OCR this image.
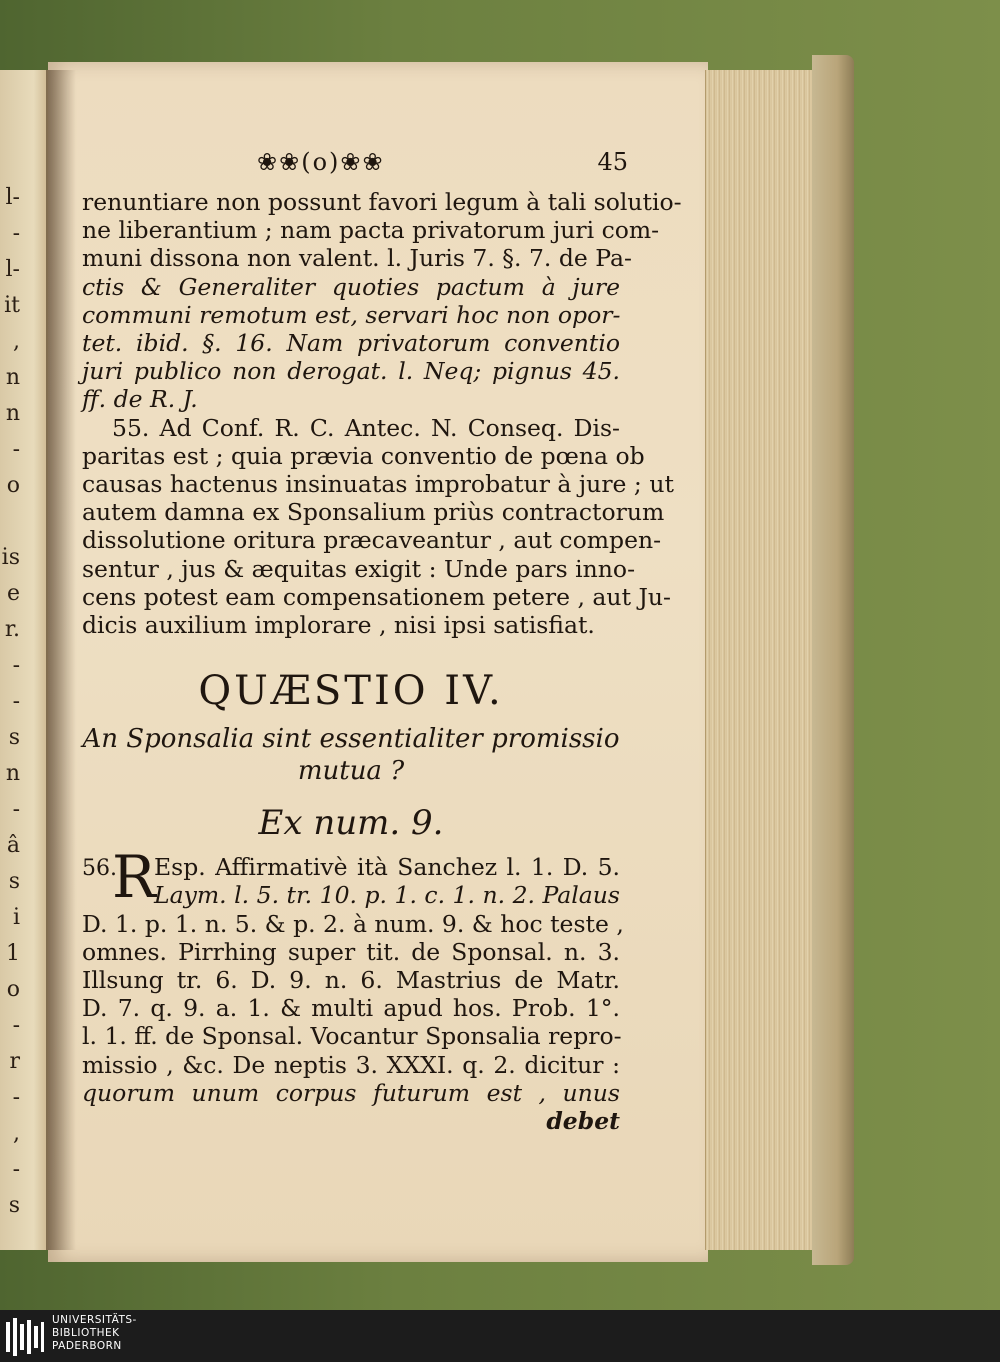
l-
-
l-
it
,
n
n
-
o
is
e
r.
-
-
s
n
-
â
s
i
1
o
-
r
-
,
-
s
❀❀(o)❀❀	45
renuntiare non possunt favori legum à tali solutio-
ne liberantium ; nam pacta privatorum juri com-
muni dissona non valent. l. Juris 7. §. 7. de Pa-
ctis & Generaliter quoties pactum à jure
communi remotum est, servari hoc non opor-
tet. ibid. §. 16. Nam privatorum conventio
juri publico non derogat. l. Neq; pignus 45.
ff. de R. J.
55. Ad Conf. R. C. Antec. N. Conseq. Dis-
paritas est ; quia prævia conventio de pœna ob
causas hactenus insinuatas improbatur à jure ; ut
autem damna ex Sponsalium priùs contractorum
dissolutione oritura præcaveantur , aut compen-
sentur , jus & æquitas exigit : Unde pars inno-
cens potest eam compensationem petere , aut Ju-
dicis auxilium implorare , nisi ipsi satisfiat.
QUÆSTIO IV.
An Sponsalia sint essentialiter promissio
mutua ?
Ex num. 9.
56.
R
Esp. Affirmativè ità Sanchez l. 1. D. 5.
Laym. l. 5. tr. 10. p. 1. c. 1. n. 2. Palaus
D. 1. p. 1. n. 5. & p. 2. à num. 9. & hoc teste ,
omnes. Pirrhing super tit. de Sponsal. n. 3.
Illsung tr. 6. D. 9. n. 6. Mastrius de Matr.
D. 7. q. 9. a. 1. & multi apud hos. Prob. 1°.
l. 1. ff. de Sponsal. Vocantur Sponsalia repro-
missio , &c. De neptis 3. XXXI. q. 2. dicitur :
quorum unum corpus futurum est , unus
debet
UNIVERSITÄTS-
BIBLIOTHEK
PADERBORN
